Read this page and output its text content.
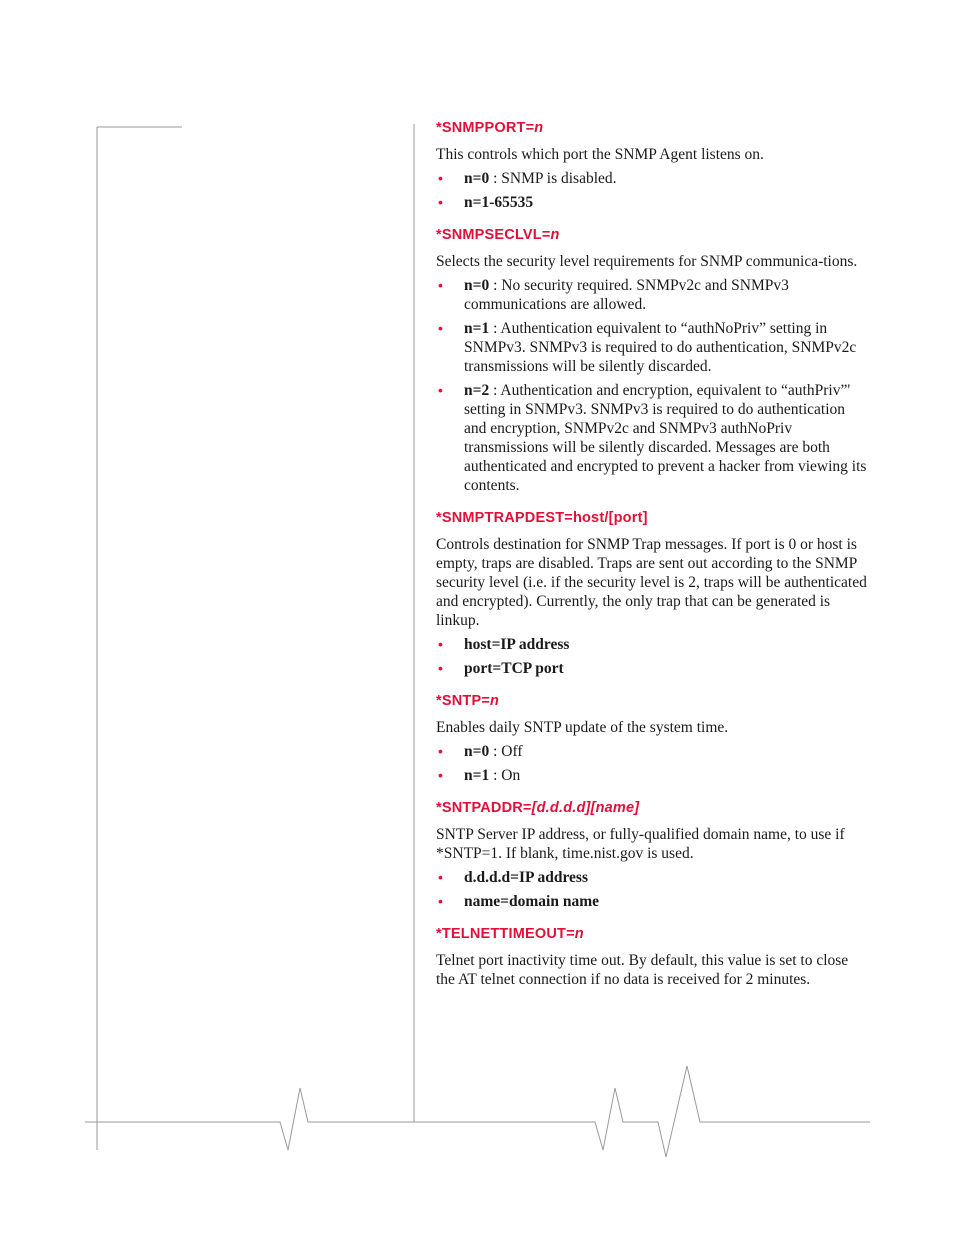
*SNMPPORT=n

This controls which port the SNMP Agent listens on.

• n=0 : SNMP is disabled.
• n=1-65535
*SNMPSECLVL=n

Selects the security level requirements for SNMP communica-tions.

• n=0 : No security required. SNMPv2c and SNMPv3 communications are allowed.
• n=1 : Authentication equivalent to “authNoPriv” setting in SNMPv3. SNMPv3 is required to do authentication, SNMPv2c transmissions will be silently discarded.
• n=2 : Authentication and encryption, equivalent to “authPriv”' setting in SNMPv3. SNMPv3 is required to do authentication and encryption, SNMPv2c and SNMPv3 authNoPriv transmissions will be silently discarded. Messages are both authenticated and encrypted to prevent a hacker from viewing its contents.
*SNMPTRAPDEST=host/[port]

Controls destination for SNMP Trap messages. If port is 0 or host is empty, traps are disabled. Traps are sent out according to the SNMP security level (i.e. if the security level is 2, traps will be authenticated and encrypted). Currently, the only trap that can be generated is linkup.

• host=IP address
• port=TCP port
*SNTP=n

Enables daily SNTP update of the system time.

• n=0 : Off
• n=1 : On
*SNTPADDR=[d.d.d.d][name]

SNTP Server IP address, or fully-qualified domain name, to use if *SNTP=1. If blank, time.nist.gov is used.

• d.d.d.d=IP address
• name=domain name
*TELNETTIMEOUT=n

Telnet port inactivity time out. By default, this value is set to close the AT telnet connection if no data is received for 2 minutes.
